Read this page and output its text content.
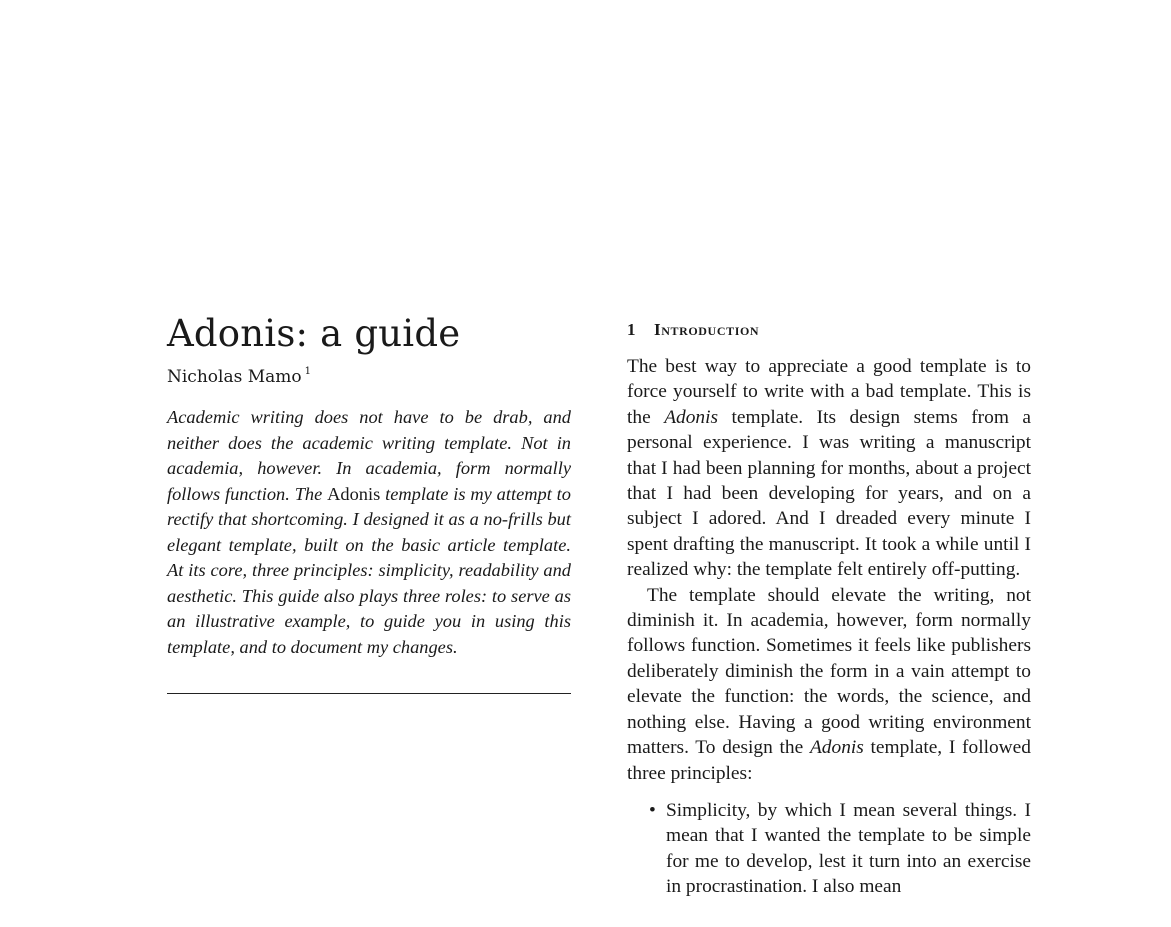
Adonis: a guide
Nicholas Mamo $^1$
Academic writing does not have to be drab, and neither does the academic writing template. Not in academia, however. In academia, form normally follows function. The Adonis template is my attempt to rectify that shortcoming. I designed it as a no-frills but elegant template, built on the basic article template. At its core, three principles: simplicity, readability and aesthetic. This guide also plays three roles: to serve as an illustrative example, to guide you in using this template, and to document my changes.
1 Introduction

The best way to appreciate a good template is to force yourself to write with a bad template. This is the Adonis template. Its design stems from a personal experience. I was writing a manuscript that I had been planning for months, about a project that I had been developing for years, and on a subject I adored. And I dreaded every minute I spent drafting the manuscript. It took a while until I realized why: the template felt entirely off-putting.

The template should elevate the writing, not diminish it. In academia, however, form normally follows function. Sometimes it feels like publishers deliberately diminish the form in a vain attempt to elevate the function: the words, the science, and nothing else. Having a good writing environment matters. To design the Adonis template, I followed three principles:

• Simplicity, by which I mean several things. I mean that I wanted the template to be simple for me to develop, lest it turn into an exercise in procrastination. I also mean
